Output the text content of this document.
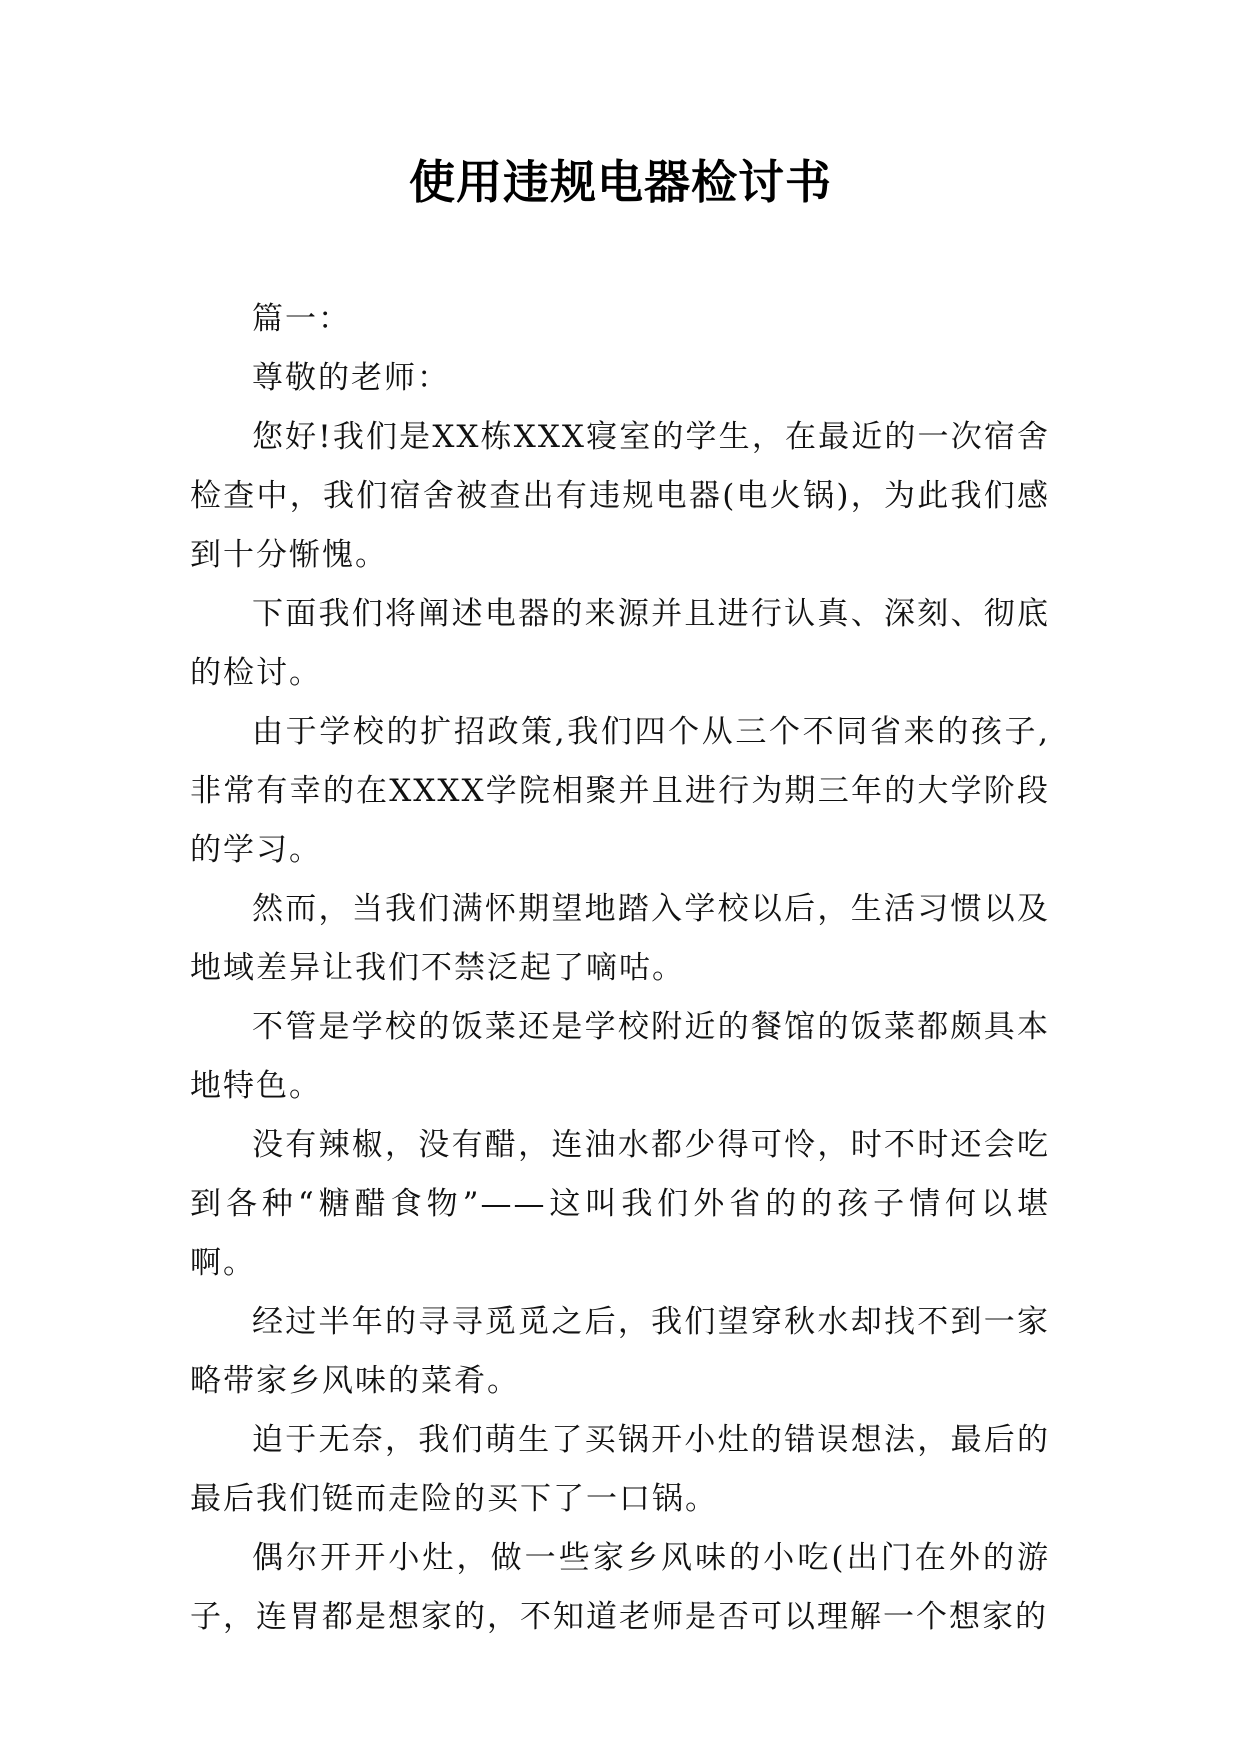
使用违规电器检讨书

篇一：

尊敬的老师：

您好!我们是XX栋XXX寝室的学生，在最近的一次宿舍检查中，我们宿舍被查出有违规电器(电火锅)，为此我们感到十分惭愧。

下面我们将阐述电器的来源并且进行认真、深刻、彻底的检讨。

由于学校的扩招政策,我们四个从三个不同省来的孩子,非常有幸的在XXXX学院相聚并且进行为期三年的大学阶段的学习。

然而，当我们满怀期望地踏入学校以后，生活习惯以及地域差异让我们不禁泛起了嘀咕。

不管是学校的饭菜还是学校附近的餐馆的饭菜都颇具本地特色。

没有辣椒，没有醋，连油水都少得可怜，时不时还会吃到各种“糖醋食物”——这叫我们外省的的孩子情何以堪啊。

经过半年的寻寻觅觅之后，我们望穿秋水却找不到一家略带家乡风味的菜肴。

迫于无奈，我们萌生了买锅开小灶的错误想法，最后的最后我们铤而走险的买下了一口锅。

偶尔开开小灶，做一些家乡风味的小吃(出门在外的游子，连胃都是想家的，不知道老师是否可以理解一个想家的
